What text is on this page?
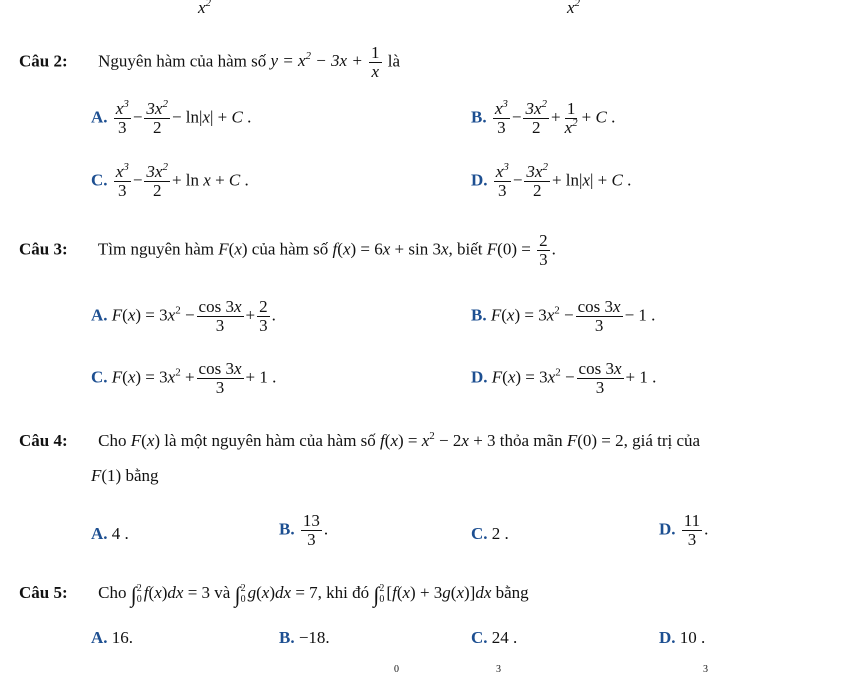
$x^2$	$x^2$
Câu 2: Nguyên hàm của hàm số $y = x^2 - 3x + \frac{1}{x}$ là
A. $\frac{x^3}{3} - \frac{3x^2}{2} - \ln|x| + C$ .	B. $\frac{x^3}{3} - \frac{3x^2}{2} + \frac{1}{x^2} + C$ .
C. $\frac{x^3}{3} - \frac{3x^2}{2} + \ln x + C$ .	D. $\frac{x^3}{3} - \frac{3x^2}{2} + \ln|x| + C$ .
Câu 3: Tìm nguyên hàm F(x) của hàm số f(x) = 6x + sin 3x, biết $F(0) = \frac{2}{3}$ .
A. $F(x) = 3x^2 - \frac{\cos 3x}{3} + \frac{2}{3}$ .	B. $F(x) = 3x^2 - \frac{\cos 3x}{3} - 1$ .
C. $F(x) = 3x^2 + \frac{\cos 3x}{3} + 1$ .	D. $F(x) = 3x^2 - \frac{\cos 3x}{3} + 1$ .
Câu 4: Cho F(x) là một nguyên hàm của hàm số $f(x) = x^2 - 2x + 3$ thỏa mãn F(0) = 2, giá trị của
F(1) bằng
A. 4 .	B. $\frac{13}{3}$ .	C. 2 .	D. $\frac{11}{3}$ .
Câu 5: Cho ∫ 2
0 f(x)dx = 3 và ∫ 2
0 g(x)dx = 7, khi đó ∫ 2
0 [f(x) + 3g(x)]dx bằng
A. 16.	B. −18.	C. 24 .	D. 10 .
0	3	3
